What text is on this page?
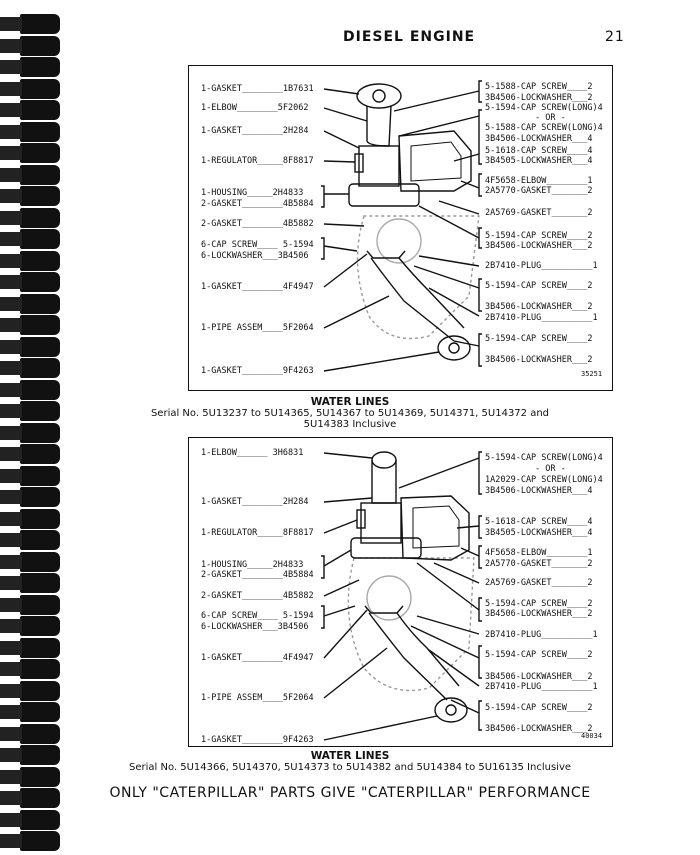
DIESEL ENGINE	21
1-GASKET________1B7631
1-ELBOW________5F2062
1-GASKET________2H284
1-REGULATOR_____8F8817
1-HOUSING_____2H4833
2-GASKET________4B5884
2-GASKET________4B5882
6-CAP SCREW____ 5-1594
6-LOCKWASHER___3B4506
1-GASKET________4F4947
1-PIPE ASSEM____5F2064
1-GASKET________9F4263
5-1588-CAP SCREW____2
3B4506-LOCKWASHER___2
5-1594-CAP SCREW(LONG)4
- OR -
5-1588-CAP SCREW(LONG)4
3B4506-LOCKWASHER___4
5-1618-CAP SCREW____4
3B4505-LOCKWASHER___4
4F5658-ELBOW________1
2A5770-GASKET_______2
2A5769-GASKET_______2
5-1594-CAP SCREW____2
3B4506-LOCKWASHER___2
2B7410-PLUG__________1
5-1594-CAP SCREW____2
3B4506-LOCKWASHER___2
2B7410-PLUG__________1
5-1594-CAP SCREW____2
3B4506-LOCKWASHER___2
35251
WATER LINES
Serial No. 5U13237 to 5U14365, 5U14367 to 5U14369, 5U14371, 5U14372 and
5U14383 Inclusive
1-ELBOW______ 3H6831
1-GASKET________2H284
1-REGULATOR_____8F8817
1-HOUSING_____2H4833
2-GASKET________4B5884
2-GASKET________4B5882
6-CAP SCREW____ 5-1594
6-LOCKWASHER___3B4506
1-GASKET________4F4947
1-PIPE ASSEM____5F2064
1-GASKET________9F4263
5-1594-CAP SCREW(LONG)4
- OR -
1A2029-CAP SCREW(LONG)4
3B4506-LOCKWASHER___4
5-1618-CAP SCREW____4
3B4505-LOCKWASHER___4
4F5658-ELBOW________1
2A5770-GASKET_______2
2A5769-GASKET_______2
5-1594-CAP SCREW____2
3B4506-LOCKWASHER___2
2B7410-PLUG__________1
5-1594-CAP SCREW____2
3B4506-LOCKWASHER___2
2B7410-PLUG__________1
5-1594-CAP SCREW____2
3B4506-LOCKWASHER___2
40034
WATER LINES
Serial No. 5U14366, 5U14370, 5U14373 to 5U14382 and 5U14384 to 5U16135 Inclusive
ONLY "CATERPILLAR" PARTS GIVE "CATERPILLAR" PERFORMANCE
